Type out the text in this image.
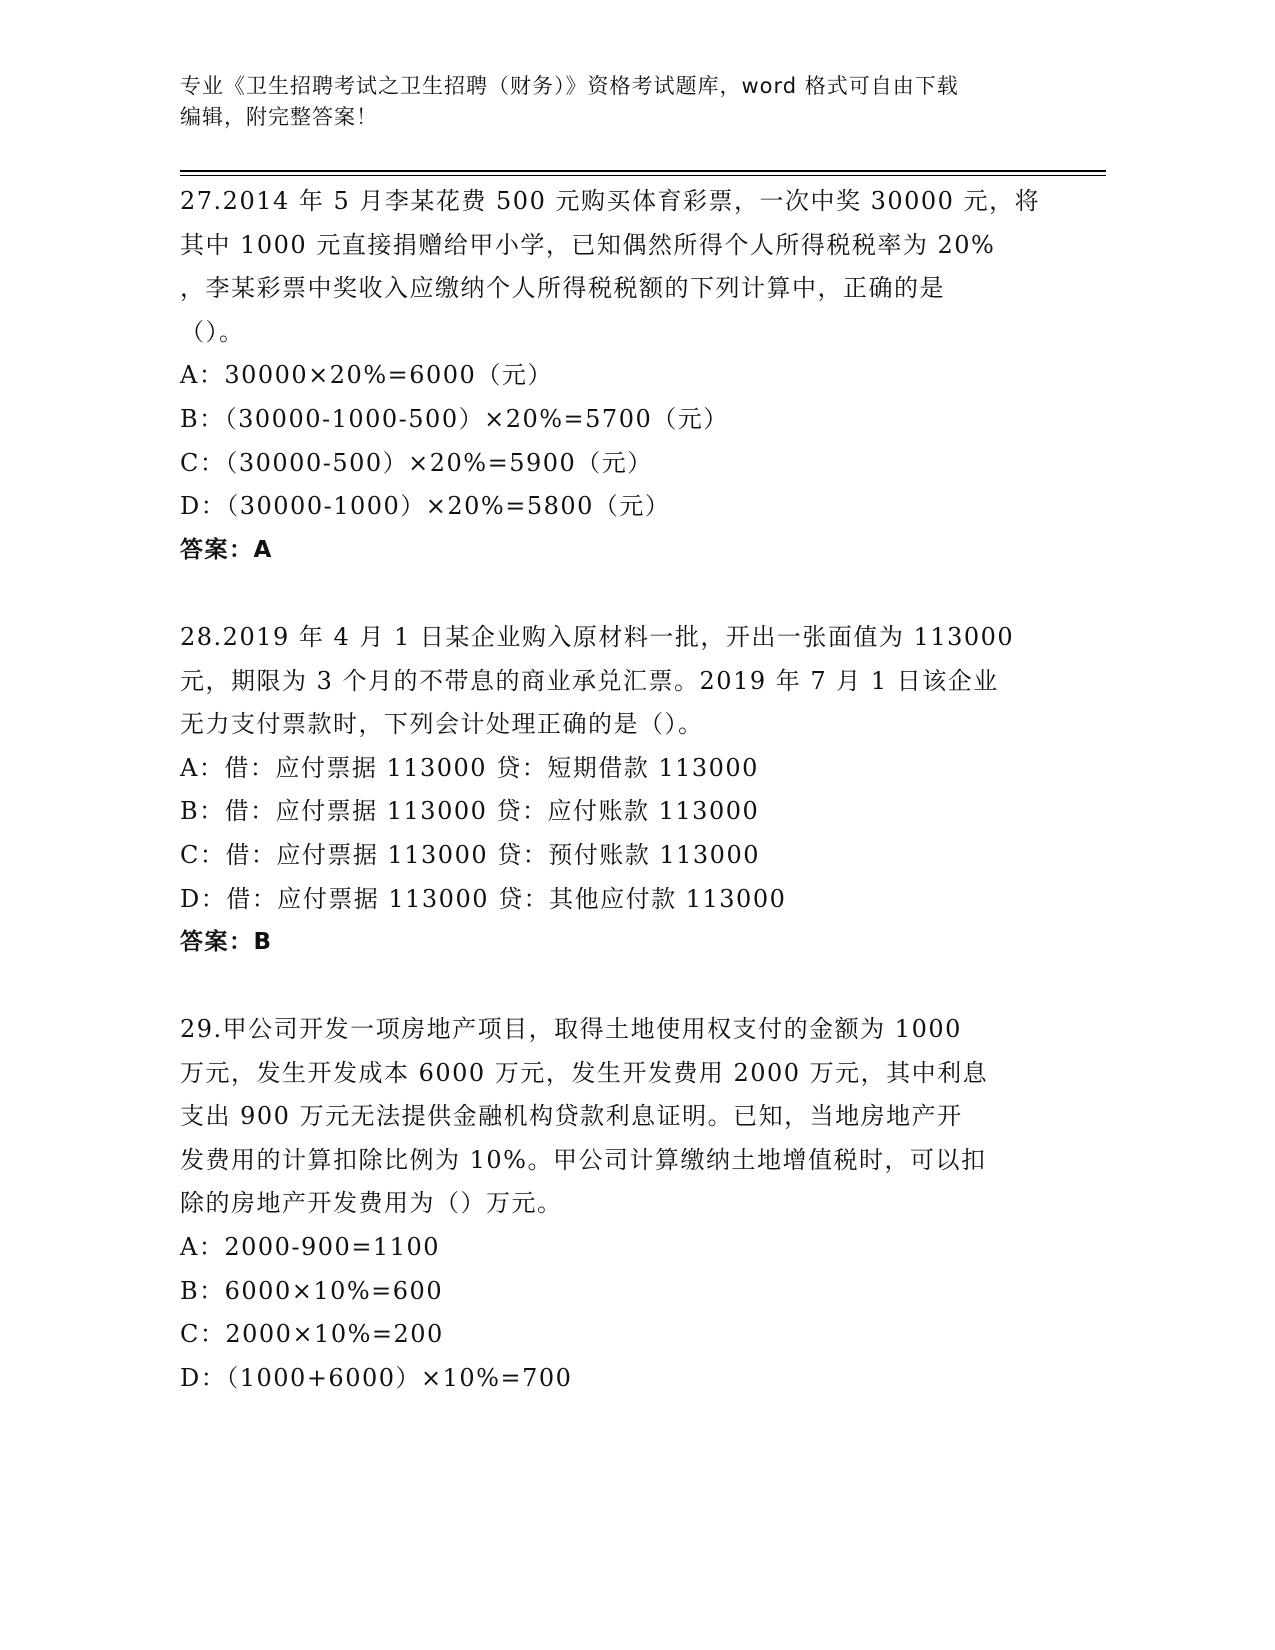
专业《卫生招聘考试之卫生招聘（财务）》资格考试题库，word 格式可自由下载
编辑，附完整答案！
27.2014 年 5 月李某花费 500 元购买体育彩票，一次中奖 30000 元，将
其中 1000 元直接捐赠给甲小学，已知偶然所得个人所得税税率为 20%
，李某彩票中奖收入应缴纳个人所得税税额的下列计算中，正确的是
（）。
A：30000×20%=6000（元）
B：（30000-1000-500）×20%=5700（元）
C：（30000-500）×20%=5900（元）
D：（30000-1000）×20%=5800（元）
答案：A
28.2019 年 4 月 1 日某企业购入原材料一批，开出一张面值为 113000
元，期限为 3 个月的不带息的商业承兑汇票。2019 年 7 月 1 日该企业
无力支付票款时，下列会计处理正确的是（）。
A：借：应付票据 113000 贷：短期借款 113000
B：借：应付票据 113000 贷：应付账款 113000
C：借：应付票据 113000 贷：预付账款 113000
D：借：应付票据 113000 贷：其他应付款 113000
答案：B
29.甲公司开发一项房地产项目，取得土地使用权支付的金额为 1000
万元，发生开发成本 6000 万元，发生开发费用 2000 万元，其中利息
支出 900 万元无法提供金融机构贷款利息证明。已知，当地房地产开
发费用的计算扣除比例为 10%。甲公司计算缴纳土地增值税时，可以扣
除的房地产开发费用为（）万元。
A：2000-900=1100
B：6000×10%=600
C：2000×10%=200
D：（1000+6000）×10%=700
